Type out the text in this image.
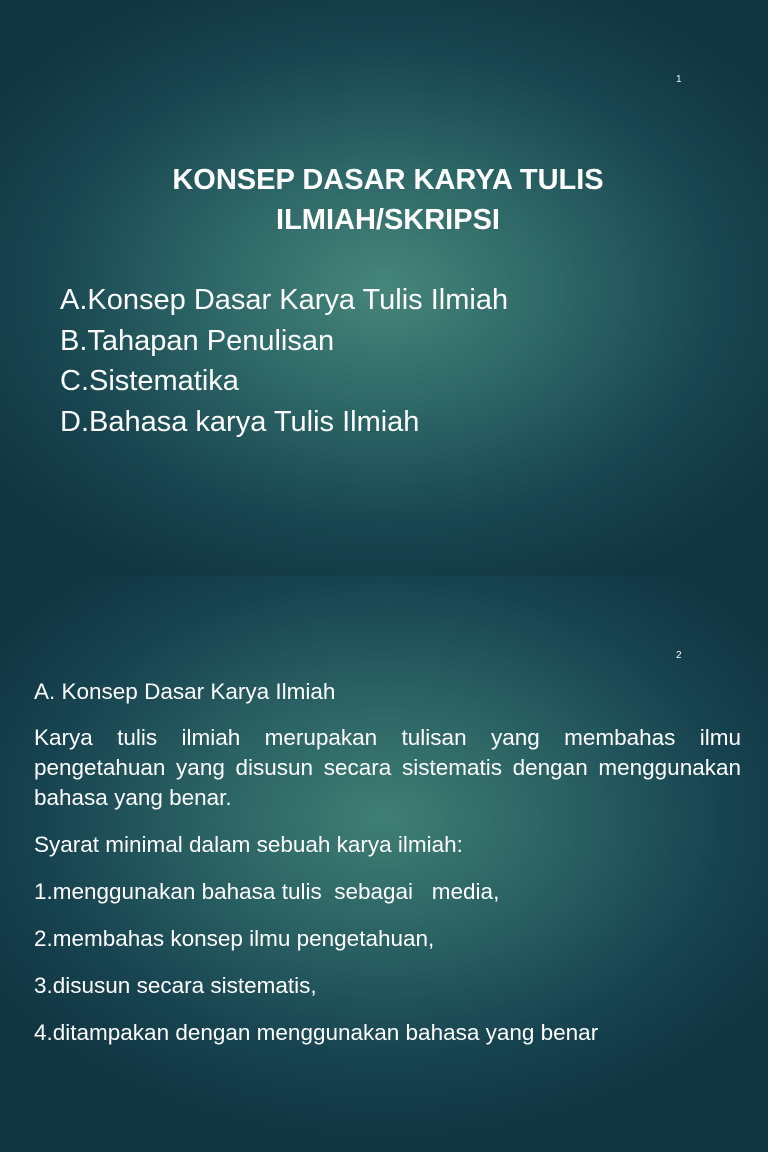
1
KONSEP DASAR KARYA TULIS ILMIAH/SKRIPSI
A.Konsep Dasar Karya Tulis Ilmiah
B.Tahapan Penulisan
C.Sistematika
D.Bahasa karya Tulis Ilmiah
2
A. Konsep Dasar Karya Ilmiah
Karya tulis ilmiah merupakan tulisan yang membahas ilmu pengetahuan yang disusun secara sistematis dengan menggunakan bahasa yang benar.
Syarat minimal dalam sebuah karya ilmiah:
1.menggunakan bahasa tulis  sebagai   media,
2.membahas konsep ilmu pengetahuan,
3.disusun secara sistematis,
4.ditampakan dengan menggunakan bahasa yang benar
